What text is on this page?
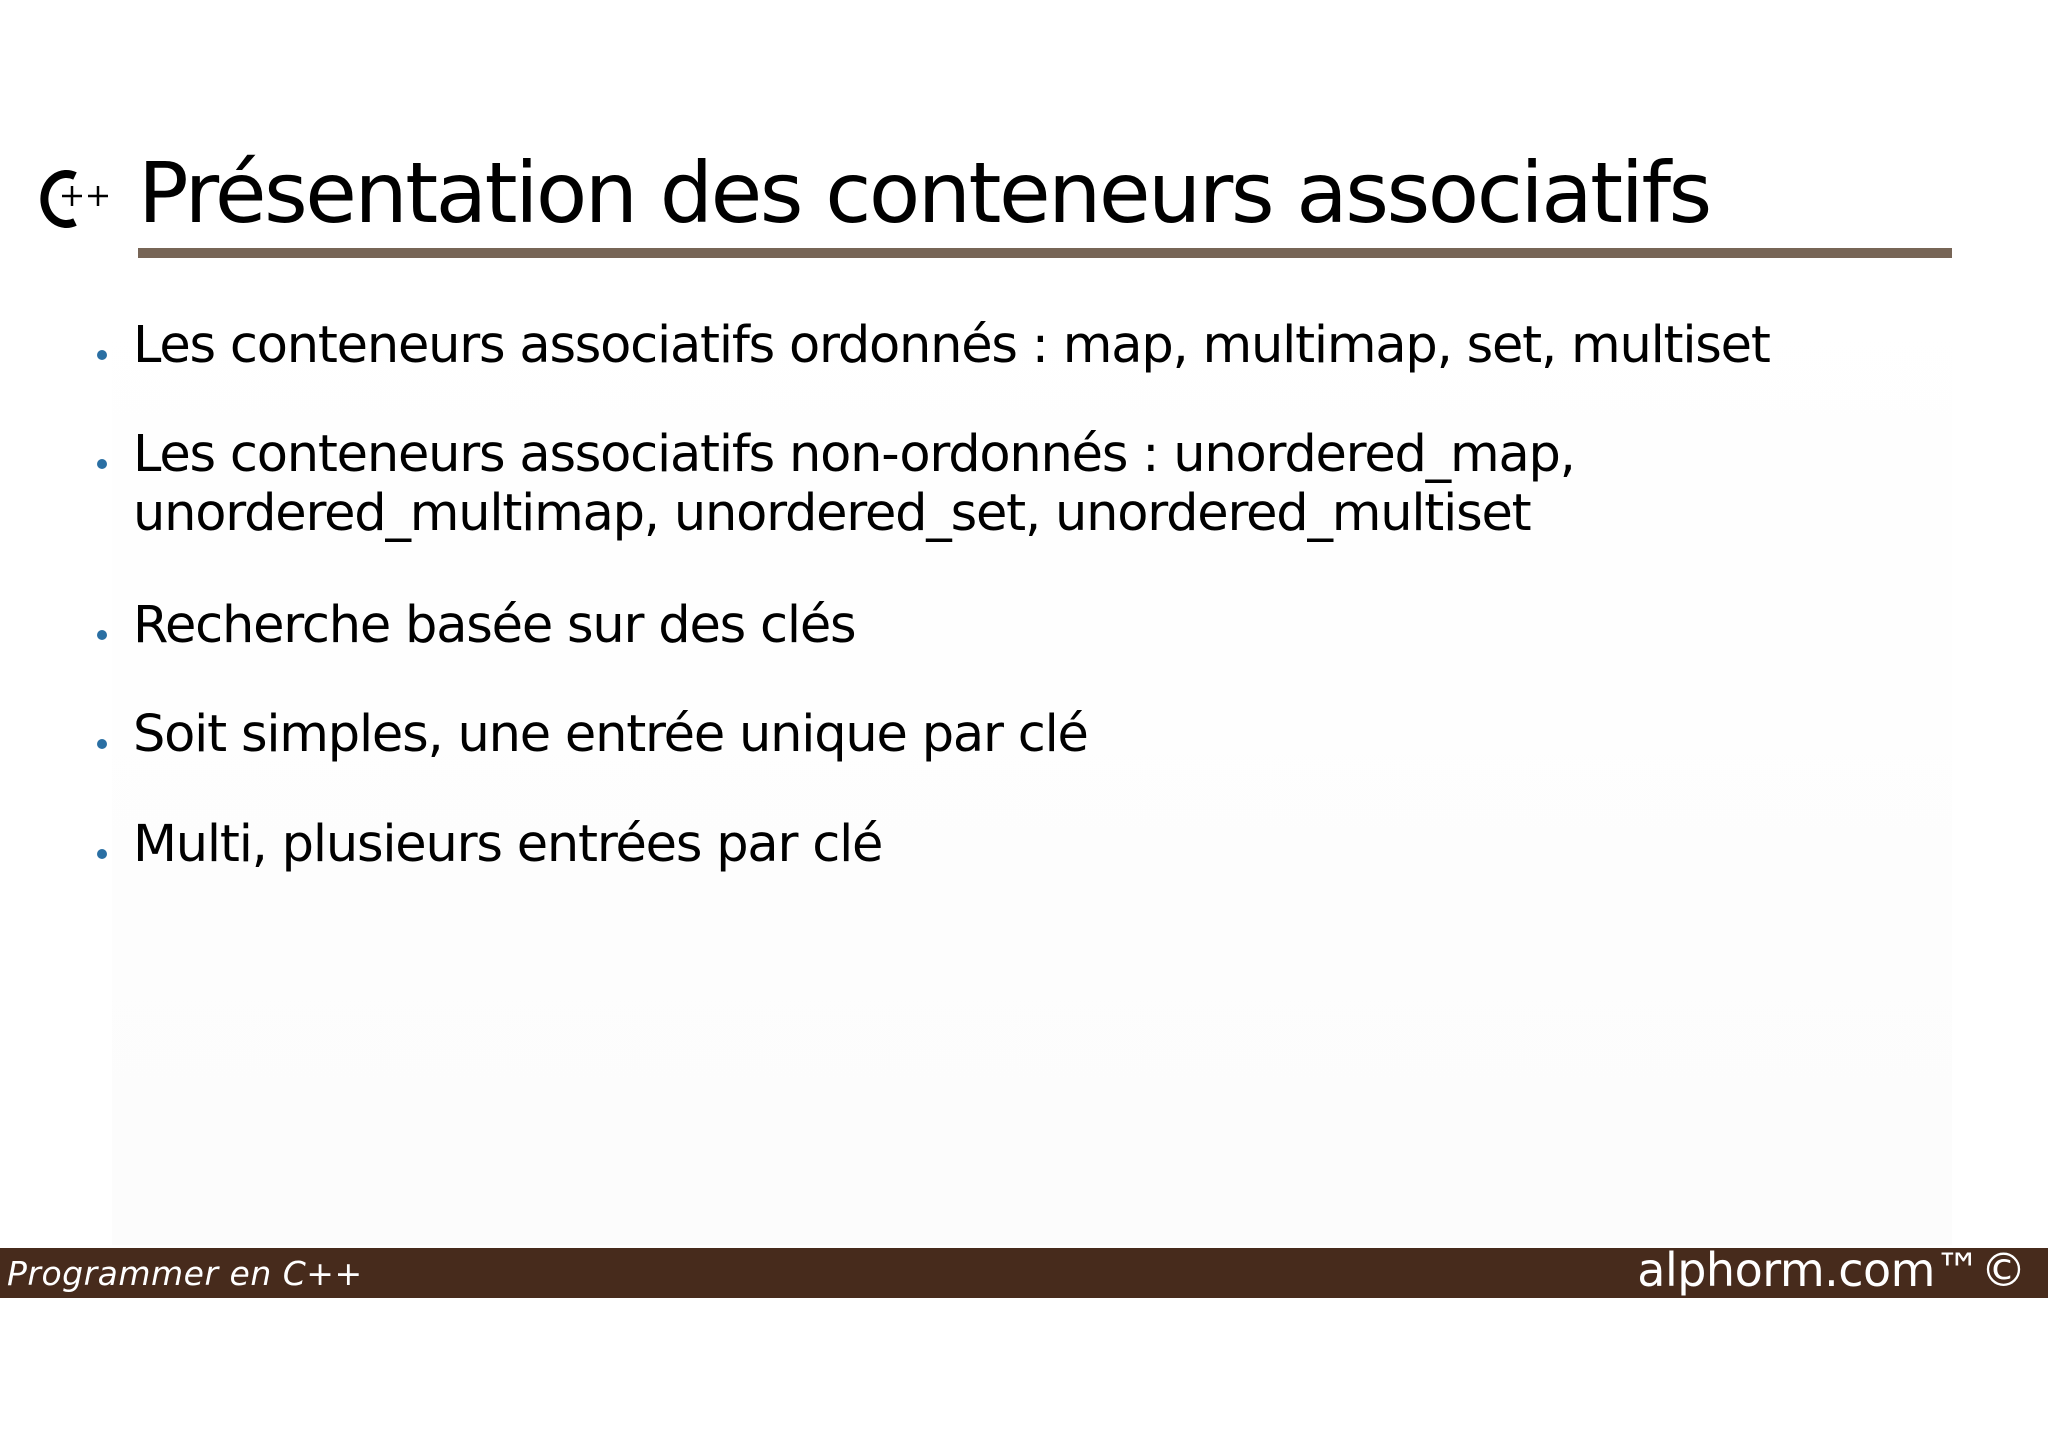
Présentation des conteneurs associatifs
Les conteneurs associatifs ordonnés : map, multimap, set, multiset
Les conteneurs associatifs non-ordonnés : unordered_map,
unordered_multimap, unordered_set, unordered_multiset
Recherche basée sur des clés
Soit simples, une entrée unique par clé
Multi, plusieurs entrées par clé
Programmer en C++	alphorm.com™©
